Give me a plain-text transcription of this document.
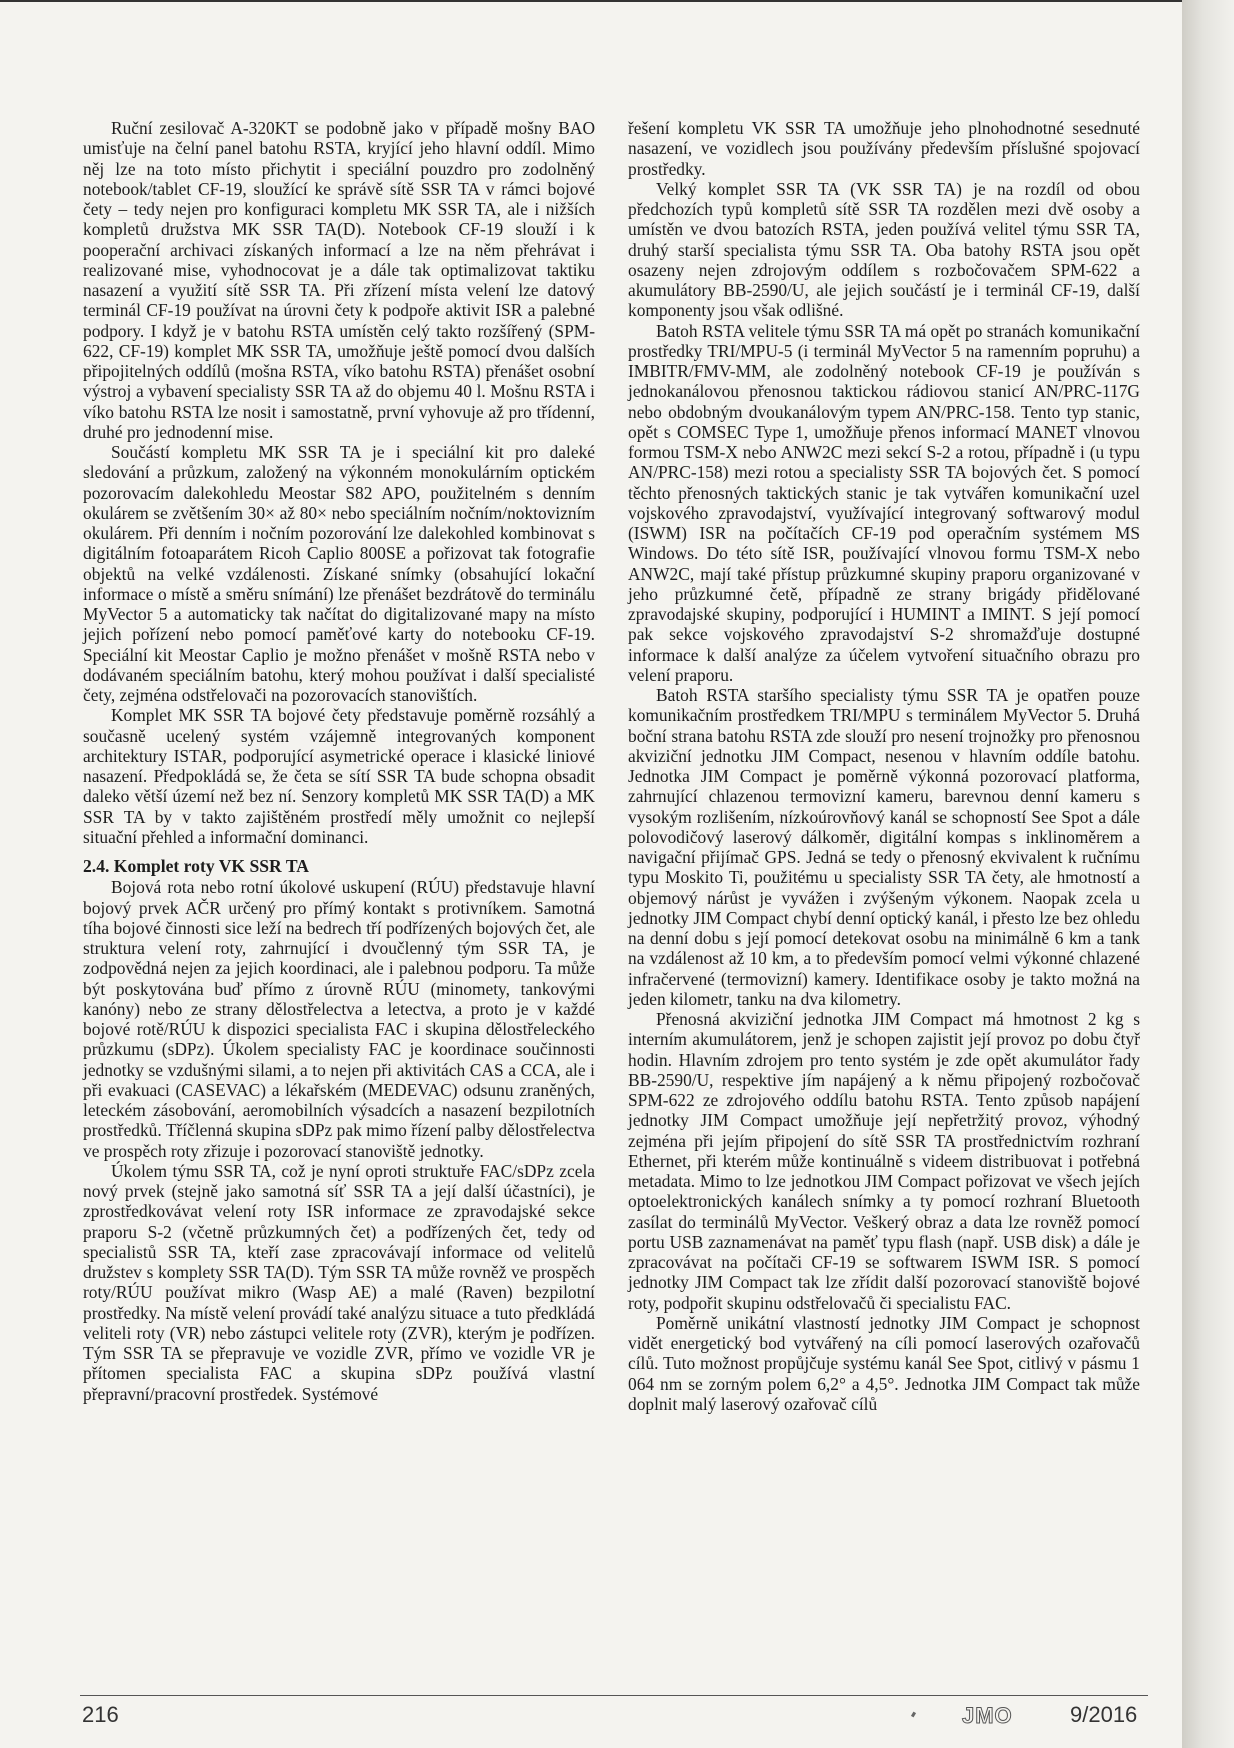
Ruční zesilovač A-320KT se podobně jako v případě mošny BAO umisťuje na čelní panel batohu RSTA, kryjící jeho hlavní oddíl. Mimo něj lze na toto místo přichytit i speciální pouzdro pro zodolněný notebook/tablet CF-19, sloužící ke správě sítě SSR TA v rámci bojové čety – tedy nejen pro konfiguraci kompletu MK SSR TA, ale i nižších kompletů družstva MK SSR TA(D). Notebook CF-19 slouží i k pooperační archivaci získaných informací a lze na něm přehrávat i realizované mise, vyhodnocovat je a dále tak optimalizovat taktiku nasazení a využití sítě SSR TA. Při zřízení místa velení lze datový terminál CF-19 používat na úrovni čety k podpoře aktivit ISR a palebné podpory. I když je v batohu RSTA umístěn celý takto rozšířený (SPM-622, CF-19) komplet MK SSR TA, umožňuje ještě pomocí dvou dalších připojitelných oddílů (mošna RSTA, víko batohu RSTA) přenášet osobní výstroj a vybavení specialisty SSR TA až do objemu 40 l. Mošnu RSTA i víko batohu RSTA lze nosit i samostatně, první vyhovuje až pro třídenní, druhé pro jednodenní mise.

Součástí kompletu MK SSR TA je i speciální kit pro daleké sledování a průzkum, založený na výkonném monokulárním optickém pozorovacím dalekohledu Meostar S82 APO, použitelném s denním okulárem se zvětšením 30× až 80× nebo speciálním nočním/noktovizním okulárem. Při denním i nočním pozorování lze dalekohled kombinovat s digitálním fotoaparátem Ricoh Caplio 800SE a pořizovat tak fotografie objektů na velké vzdálenosti. Získané snímky (obsahující lokační informace o místě a směru snímání) lze přenášet bezdrátově do terminálu MyVector 5 a automaticky tak načítat do digitalizované mapy na místo jejich pořízení nebo pomocí paměťové karty do notebooku CF-19. Speciální kit Meostar Caplio je možno přenášet v mošně RSTA nebo v dodávaném speciálním batohu, který mohou používat i další specialisté čety, zejména odstřelovači na pozorovacích stanovištích.

Komplet MK SSR TA bojové čety představuje poměrně rozsáhlý a současně ucelený systém vzájemně integrovaných komponent architektury ISTAR, podporující asymetrické operace i klasické liniové nasazení. Předpokládá se, že četa se sítí SSR TA bude schopna obsadit daleko větší území než bez ní. Senzory kompletů MK SSR TA(D) a MK SSR TA by v takto zajištěném prostředí měly umožnit co nejlepší situační přehled a informační dominanci.

2.4. Komplet roty VK SSR TA

Bojová rota nebo rotní úkolové uskupení (RÚU) představuje hlavní bojový prvek AČR určený pro přímý kontakt s protivníkem. Samotná tíha bojové činnosti sice leží na bedrech tří podřízených bojových čet, ale struktura velení roty, zahrnující i dvoučlenný tým SSR TA, je zodpovědná nejen za jejich koordinaci, ale i palebnou podporu. Ta může být poskytována buď přímo z úrovně RÚU (minomety, tankovými kanóny) nebo ze strany dělostřelectva a letectva, a proto je v každé bojové rotě/RÚU k dispozici specialista FAC i skupina dělostřeleckého průzkumu (sDPz). Úkolem specialisty FAC je koordinace součinnosti jednotky se vzdušnými silami, a to nejen při aktivitách CAS a CCA, ale i při evakuaci (CASEVAC) a lékařském (MEDEVAC) odsunu zraněných, leteckém zásobování, aeromobilních výsadcích a nasazení bezpilotních prostředků. Tříčlenná skupina sDPz pak mimo řízení palby dělostřelectva ve prospěch roty zřizuje i pozorovací stanoviště jednotky.

Úkolem týmu SSR TA, což je nyní oproti struktuře FAC/sDPz zcela nový prvek (stejně jako samotná síť SSR TA a její další účastníci), je zprostředkovávat velení roty ISR informace ze zpravodajské sekce praporu S-2 (včetně průzkumných čet) a podřízených čet, tedy od specialistů SSR TA, kteří zase zpracovávají informace od velitelů družstev s komplety SSR TA(D). Tým SSR TA může rovněž ve prospěch roty/RÚU používat mikro (Wasp AE) a malé (Raven) bezpilotní prostředky. Na místě velení provádí také analýzu situace a tuto předkládá veliteli roty (VR) nebo zástupci velitele roty (ZVR), kterým je podřízen. Tým SSR TA se přepravuje ve vozidle ZVR, přímo ve vozidle VR je přítomen specialista FAC a skupina sDPz používá vlastní přepravní/pracovní prostředek. Systémové

řešení kompletu VK SSR TA umožňuje jeho plnohodnotné sesednuté nasazení, ve vozidlech jsou používány především příslušné spojovací prostředky.

Velký komplet SSR TA (VK SSR TA) je na rozdíl od obou předchozích typů kompletů sítě SSR TA rozdělen mezi dvě osoby a umístěn ve dvou batozích RSTA, jeden používá velitel týmu SSR TA, druhý starší specialista týmu SSR TA. Oba batohy RSTA jsou opět osazeny nejen zdrojovým oddílem s rozbočovačem SPM-622 a akumulátory BB-2590/U, ale jejich součástí je i terminál CF-19, další komponenty jsou však odlišné.

Batoh RSTA velitele týmu SSR TA má opět po stranách komunikační prostředky TRI/MPU-5 (i terminál MyVector 5 na ramenním popruhu) a IMBITR/FMV-MM, ale zodolněný notebook CF-19 je používán s jednokanálovou přenosnou taktickou rádiovou stanicí AN/PRC-117G nebo obdobným dvoukanálovým typem AN/PRC-158. Tento typ stanic, opět s COMSEC Type 1, umožňuje přenos informací MANET vlnovou formou TSM-X nebo ANW2C mezi sekcí S-2 a rotou, případně i (u typu AN/PRC-158) mezi rotou a specialisty SSR TA bojových čet. S pomocí těchto přenosných taktických stanic je tak vytvářen komunikační uzel vojskového zpravodajství, využívající integrovaný softwarový modul (ISWM) ISR na počítačích CF-19 pod operačním systémem MS Windows. Do této sítě ISR, používající vlnovou formu TSM-X nebo ANW2C, mají také přístup průzkumné skupiny praporu organizované v jeho průzkumné četě, případně ze strany brigády přidělované zpravodajské skupiny, podporující i HUMINT a IMINT. S její pomocí pak sekce vojskového zpravodajství S-2 shromažďuje dostupné informace k další analýze za účelem vytvoření situačního obrazu pro velení praporu.

Batoh RSTA staršího specialisty týmu SSR TA je opatřen pouze komunikačním prostředkem TRI/MPU s terminálem MyVector 5. Druhá boční strana batohu RSTA zde slouží pro nesení trojnožky pro přenosnou akviziční jednotku JIM Compact, nesenou v hlavním oddíle batohu. Jednotka JIM Compact je poměrně výkonná pozorovací platforma, zahrnující chlazenou termovizní kameru, barevnou denní kameru s vysokým rozlišením, nízkoúrovňový kanál se schopností See Spot a dále polovodičový laserový dálkoměr, digitální kompas s inklinoměrem a navigační přijímač GPS. Jedná se tedy o přenosný ekvivalent k ručnímu typu Moskito Ti, použitému u specialisty SSR TA čety, ale hmotností a objemový nárůst je vyvážen i zvýšeným výkonem. Naopak zcela u jednotky JIM Compact chybí denní optický kanál, i přesto lze bez ohledu na denní dobu s její pomocí detekovat osobu na minimálně 6 km a tank na vzdálenost až 10 km, a to především pomocí velmi výkonné chlazené infračervené (termovizní) kamery. Identifikace osoby je takto možná na jeden kilometr, tanku na dva kilometry.

Přenosná akviziční jednotka JIM Compact má hmotnost 2 kg s interním akumulátorem, jenž je schopen zajistit její provoz po dobu čtyř hodin. Hlavním zdrojem pro tento systém je zde opět akumulátor řady BB-2590/U, respektive jím napájený a k němu připojený rozbočovač SPM-622 ze zdrojového oddílu batohu RSTA. Tento způsob napájení jednotky JIM Compact umožňuje její nepřetržitý provoz, výhodný zejména při jejím připojení do sítě SSR TA prostřednictvím rozhraní Ethernet, při kterém může kontinuálně s videem distribuovat i potřebná metadata. Mimo to lze jednotkou JIM Compact pořizovat ve všech jejích optoelektronických kanálech snímky a ty pomocí rozhraní Bluetooth zasílat do terminálů MyVector. Veškerý obraz a data lze rovněž pomocí portu USB zaznamenávat na paměť typu flash (např. USB disk) a dále je zpracovávat na počítači CF-19 se softwarem ISWM ISR. S pomocí jednotky JIM Compact tak lze zřídit další pozorovací stanoviště bojové roty, podpořit skupinu odstřelovačů či specialistu FAC.

Poměrně unikátní vlastností jednotky JIM Compact je schopnost vidět energetický bod vytvářený na cíli pomocí laserových ozařovačů cílů. Tuto možnost propůjčuje systému kanál See Spot, citlivý v pásmu 1 064 nm se zorným polem 6,2° a 4,5°. Jednotka JIM Compact tak může doplnit malý laserový ozařovač cílů

216	JMO	9/2016
